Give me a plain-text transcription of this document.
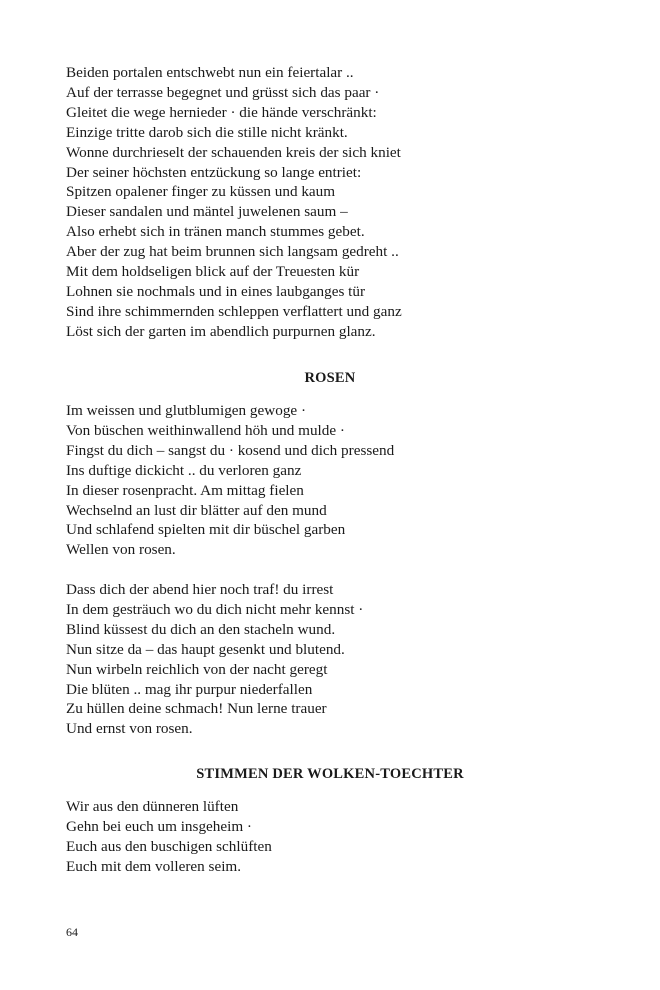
Beiden portalen entschwebt nun ein feiertalar ..
Auf der terrasse begegnet und grüsst sich das paar ·
Gleitet die wege hernieder · die hände verschränkt:
Einzige tritte darob sich die stille nicht kränkt.
Wonne durchrieselt der schauenden kreis der sich kniet
Der seiner höchsten entzückung so lange entriet:
Spitzen opalener finger zu küssen und kaum
Dieser sandalen und mäntel juwelenen saum –
Also erhebt sich in tränen manch stummes gebet.
Aber der zug hat beim brunnen sich langsam gedreht ..
Mit dem holdseligen blick auf der Treuesten kür
Lohnen sie nochmals und in eines laubganges tür
Sind ihre schimmernden schleppen verflattert und ganz
Löst sich der garten im abendlich purpurnen glanz.
ROSEN
Im weissen und glutblumigen gewoge ·
Von büschen weithinwallend höh und mulde ·
Fingst du dich – sangst du · kosend und dich pressend
Ins duftige dickicht .. du verloren ganz
In dieser rosenpracht. Am mittag fielen
Wechselnd an lust dir blätter auf den mund
Und schlafend spielten mit dir büschel garben
Wellen von rosen.
Dass dich der abend hier noch traf! du irrest
In dem gesträuch wo du dich nicht mehr kennst ·
Blind küssest du dich an den stacheln wund.
Nun sitze da – das haupt gesenkt und blutend.
Nun wirbeln reichlich von der nacht geregt
Die blüten .. mag ihr purpur niederfallen
Zu hüllen deine schmach! Nun lerne trauer
Und ernst von rosen.
STIMMEN DER WOLKEN-TOECHTER
Wir aus den dünneren lüften
Gehn bei euch um insgeheim ·
Euch aus den buschigen schlüften
Euch mit dem volleren seim.
64
